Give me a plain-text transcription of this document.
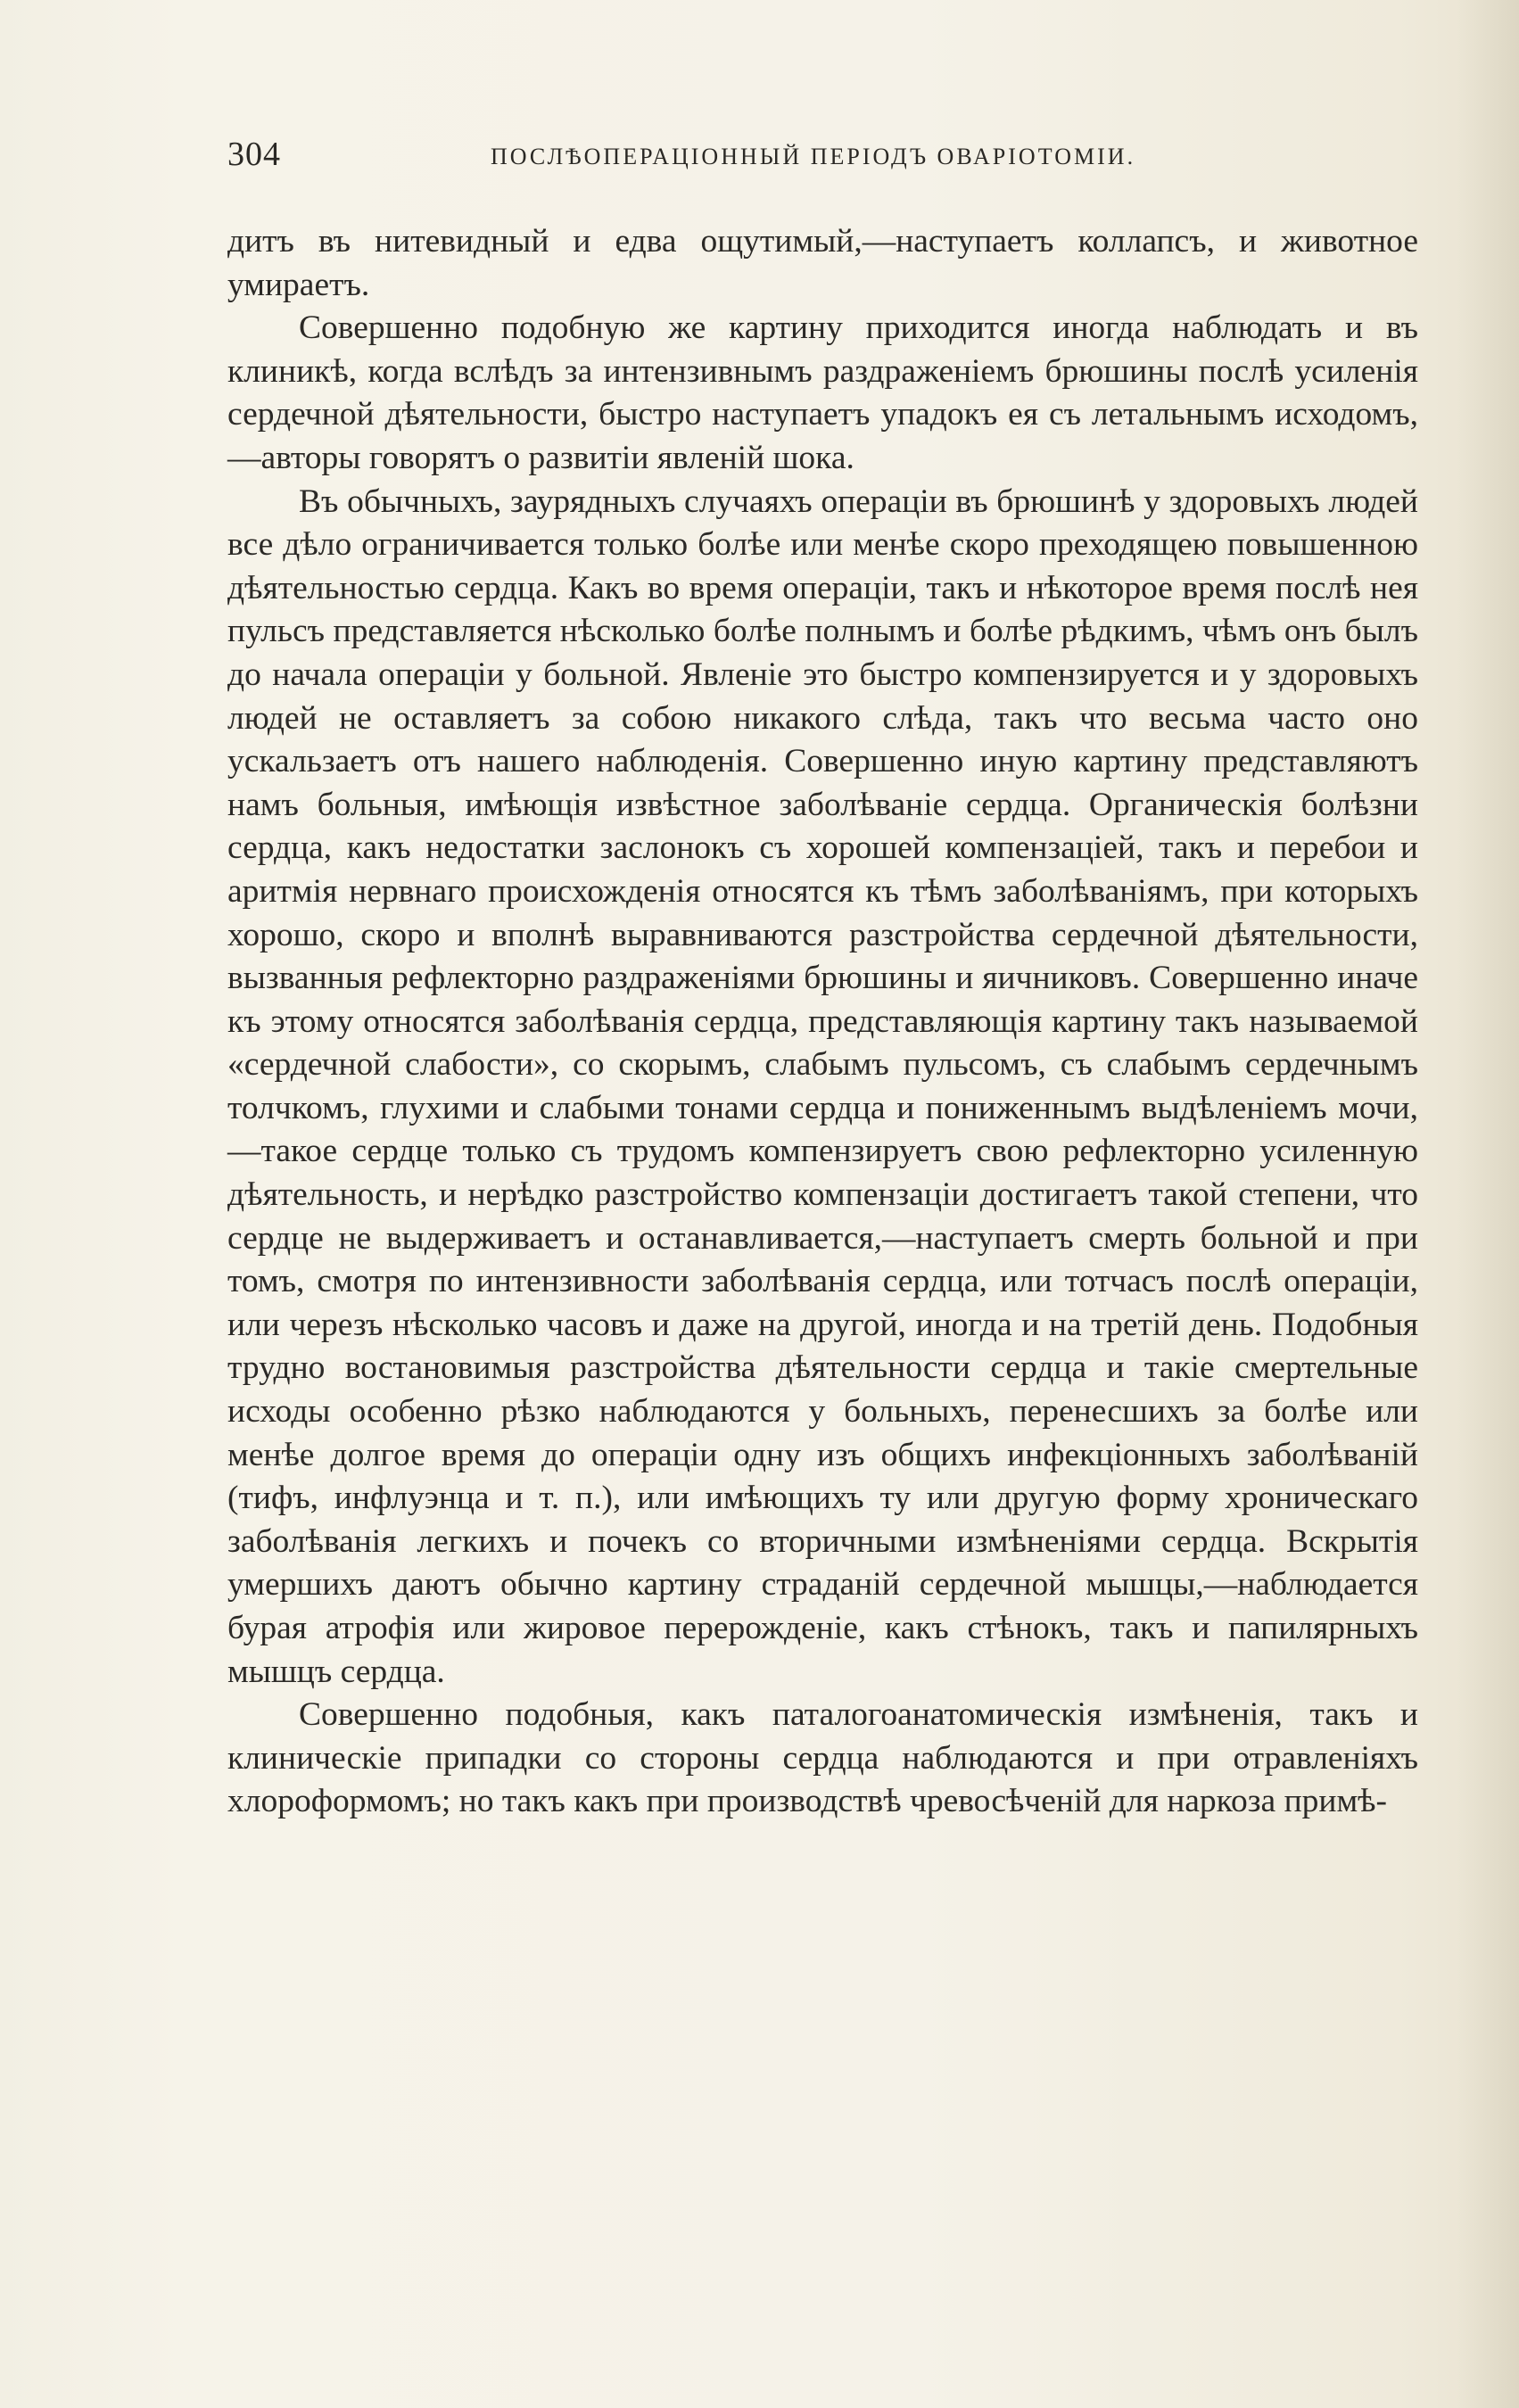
304	ПОСЛѢОПЕРАЦІОННЫЙ ПЕРІОДЪ ОВАРІОТОМІИ.

дитъ въ нитевидный и едва ощутимый,—наступаетъ коллапсъ, и животное умираетъ.

Совершенно подобную же картину приходится иногда наблюдать и въ клиникѣ, когда вслѣдъ за интензивнымъ раздраженіемъ брюшины послѣ усиленія сердечной дѣятельности, быстро наступаетъ упадокъ ея съ летальнымъ исходомъ,—авторы говорятъ о развитіи явленій шока.

Въ обычныхъ, заурядныхъ случаяхъ операціи въ брюшинѣ у здоровыхъ людей все дѣло ограничивается только болѣе или менѣе скоро преходящею повышенною дѣятельностью сердца. Какъ во время операціи, такъ и нѣкоторое время послѣ нея пульсъ представляется нѣсколько болѣе полнымъ и болѣе рѣдкимъ, чѣмъ онъ былъ до начала операціи у больной. Явленіе это быстро компензируется и у здоровыхъ людей не оставляетъ за собою никакого слѣда, такъ что весьма часто оно ускальзаетъ отъ нашего наблюденія. Совершенно иную картину представляютъ намъ больныя, имѣющія извѣстное заболѣваніе сердца. Органическія болѣзни сердца, какъ недостатки заслонокъ съ хорошей компензаціей, такъ и перебои и аритмія нервнаго происхожденія относятся къ тѣмъ заболѣваніямъ, при которыхъ хорошо, скоро и вполнѣ выравниваются разстройства сердечной дѣятельности, вызванныя рефлекторно раздраженіями брюшины и яичниковъ. Совершенно иначе къ этому относятся заболѣванія сердца, представляющія картину такъ называемой «сердечной слабости», со скорымъ, слабымъ пульсомъ, съ слабымъ сердечнымъ толчкомъ, глухими и слабыми тонами сердца и пониженнымъ выдѣленіемъ мочи,—такое сердце только съ трудомъ компензируетъ свою рефлекторно усиленную дѣятельность, и нерѣдко разстройство компензаціи достигаетъ такой степени, что сердце не выдерживаетъ и останавливается,—наступаетъ смерть больной и при томъ, смотря по интензивности заболѣванія сердца, или тотчасъ послѣ операціи, или черезъ нѣсколько часовъ и даже на другой, иногда и на третій день. Подобныя трудно востановимыя разстройства дѣятельности сердца и такіе смертельные исходы особенно рѣзко наблюдаются у больныхъ, перенесшихъ за болѣе или менѣе долгое время до операціи одну изъ общихъ инфекціонныхъ заболѣваній (тифъ, инфлуэнца и т. п.), или имѣющихъ ту или другую форму хроническаго заболѣванія легкихъ и почекъ со вторичными измѣненіями сердца. Вскрытія умершихъ даютъ обычно картину страданій сердечной мышцы,—наблюдается бурая атрофія или жировое перерожденіе, какъ стѣнокъ, такъ и папилярныхъ мышцъ сердца.

Совершенно подобныя, какъ паталогоанатомическія измѣненія, такъ и клиническіе припадки со стороны сердца наблюдаются и при отравленіяхъ хлороформомъ; но такъ какъ при производствѣ чревосѣченій для наркоза примѣ-
